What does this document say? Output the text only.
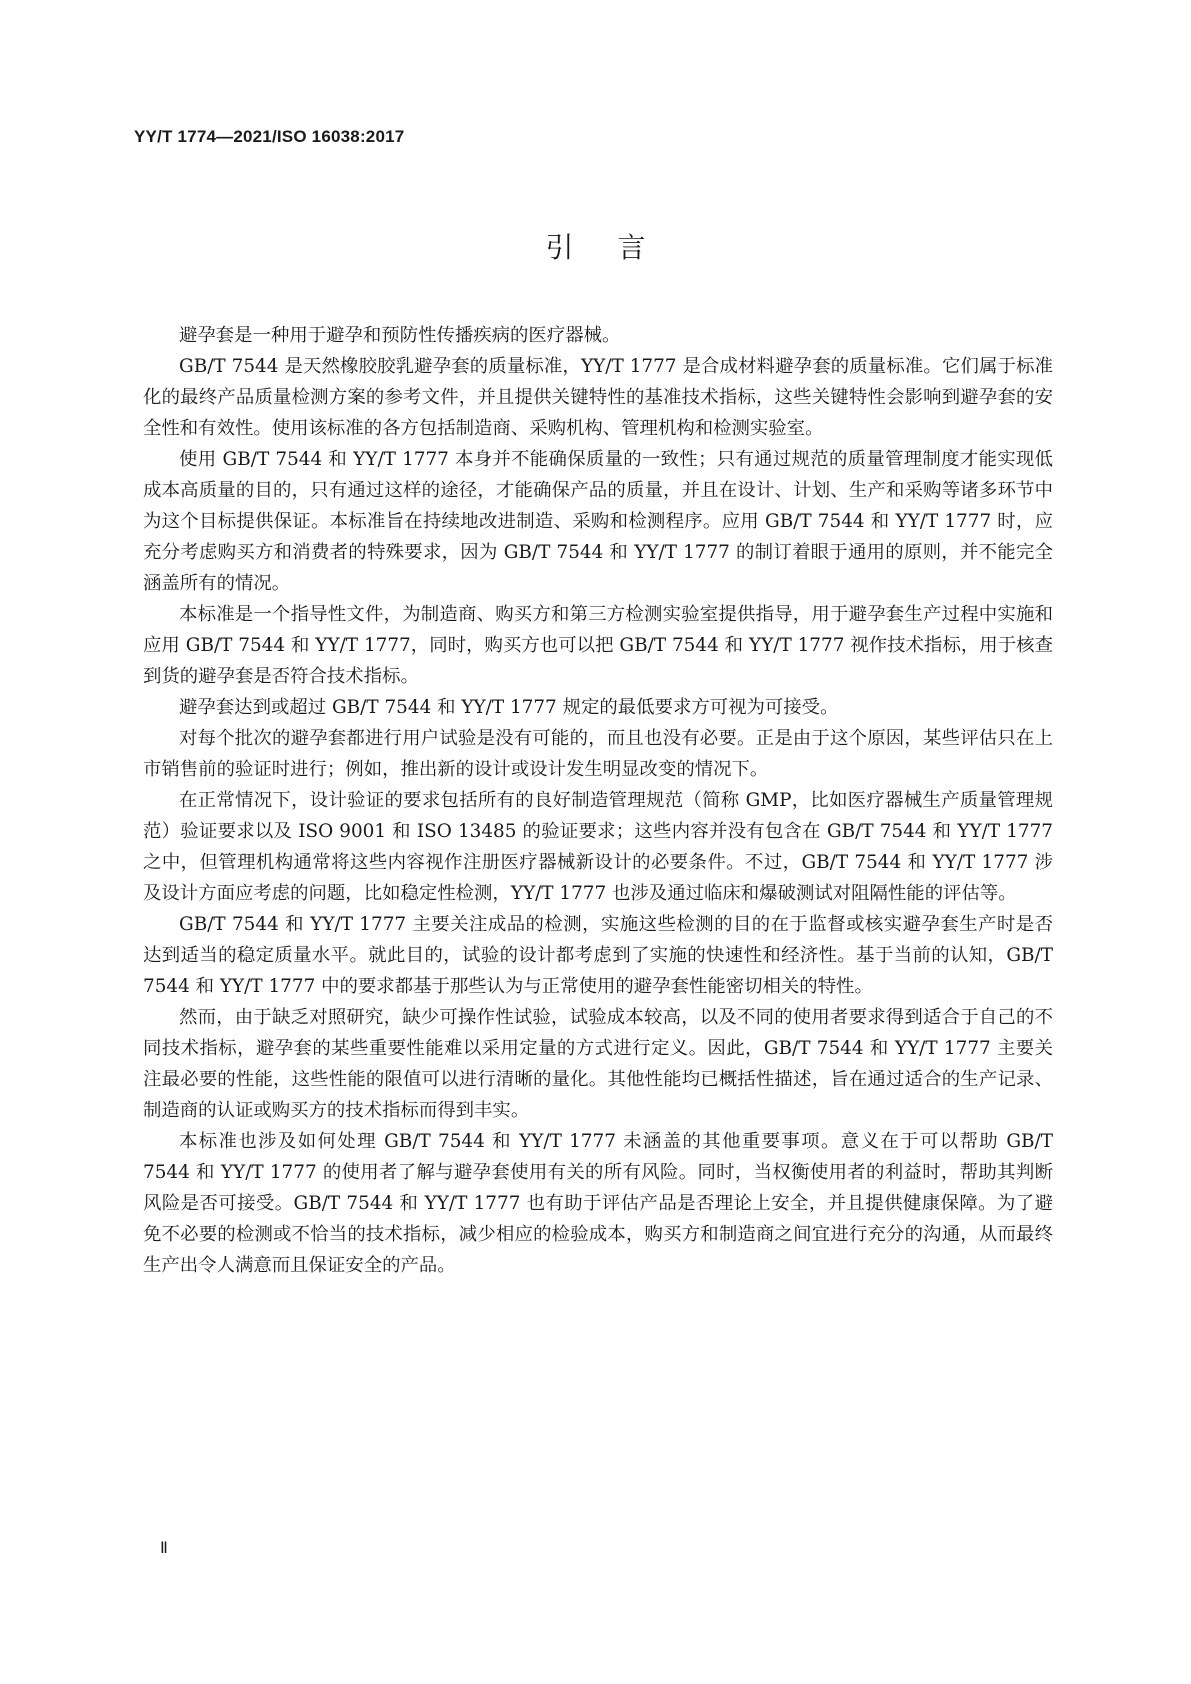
YY/T 1774—2021/ISO 16038:2017
引言

避孕套是一种用于避孕和预防性传播疾病的医疗器械。

GB/T 7544 是天然橡胶胶乳避孕套的质量标准，YY/T 1777 是合成材料避孕套的质量标准。它们属于标准化的最终产品质量检测方案的参考文件，并且提供关键特性的基准技术指标，这些关键特性会影响到避孕套的安全性和有效性。使用该标准的各方包括制造商、采购机构、管理机构和检测实验室。

使用 GB/T 7544 和 YY/T 1777 本身并不能确保质量的一致性；只有通过规范的质量管理制度才能实现低成本高质量的目的，只有通过这样的途径，才能确保产品的质量，并且在设计、计划、生产和采购等诸多环节中为这个目标提供保证。本标准旨在持续地改进制造、采购和检测程序。应用 GB/T 7544 和 YY/T 1777 时，应充分考虑购买方和消费者的特殊要求，因为 GB/T 7544 和 YY/T 1777 的制订着眼于通用的原则，并不能完全涵盖所有的情况。

本标准是一个指导性文件，为制造商、购买方和第三方检测实验室提供指导，用于避孕套生产过程中实施和应用 GB/T 7544 和 YY/T 1777，同时，购买方也可以把 GB/T 7544 和 YY/T 1777 视作技术指标，用于核查到货的避孕套是否符合技术指标。

避孕套达到或超过 GB/T 7544 和 YY/T 1777 规定的最低要求方可视为可接受。

对每个批次的避孕套都进行用户试验是没有可能的，而且也没有必要。正是由于这个原因，某些评估只在上市销售前的验证时进行；例如，推出新的设计或设计发生明显改变的情况下。

在正常情况下，设计验证的要求包括所有的良好制造管理规范（简称 GMP，比如医疗器械生产质量管理规范）验证要求以及 ISO 9001 和 ISO 13485 的验证要求；这些内容并没有包含在 GB/T 7544 和 YY/T 1777 之中，但管理机构通常将这些内容视作注册医疗器械新设计的必要条件。不过，GB/T 7544 和 YY/T 1777 涉及设计方面应考虑的问题，比如稳定性检测，YY/T 1777 也涉及通过临床和爆破测试对阻隔性能的评估等。

GB/T 7544 和 YY/T 1777 主要关注成品的检测，实施这些检测的目的在于监督或核实避孕套生产时是否达到适当的稳定质量水平。就此目的，试验的设计都考虑到了实施的快速性和经济性。基于当前的认知，GB/T 7544 和 YY/T 1777 中的要求都基于那些认为与正常使用的避孕套性能密切相关的特性。

然而，由于缺乏对照研究，缺少可操作性试验，试验成本较高，以及不同的使用者要求得到适合于自己的不同技术指标，避孕套的某些重要性能难以采用定量的方式进行定义。因此，GB/T 7544 和 YY/T 1777 主要关注最必要的性能，这些性能的限值可以进行清晰的量化。其他性能均已概括性描述，旨在通过适合的生产记录、制造商的认证或购买方的技术指标而得到丰实。

本标准也涉及如何处理 GB/T 7544 和 YY/T 1777 未涵盖的其他重要事项。意义在于可以帮助 GB/T 7544 和 YY/T 1777 的使用者了解与避孕套使用有关的所有风险。同时，当权衡使用者的利益时，帮助其判断风险是否可接受。GB/T 7544 和 YY/T 1777 也有助于评估产品是否理论上安全，并且提供健康保障。为了避免不必要的检测或不恰当的技术指标，减少相应的检验成本，购买方和制造商之间宜进行充分的沟通，从而最终生产出令人满意而且保证安全的产品。

Ⅱ
